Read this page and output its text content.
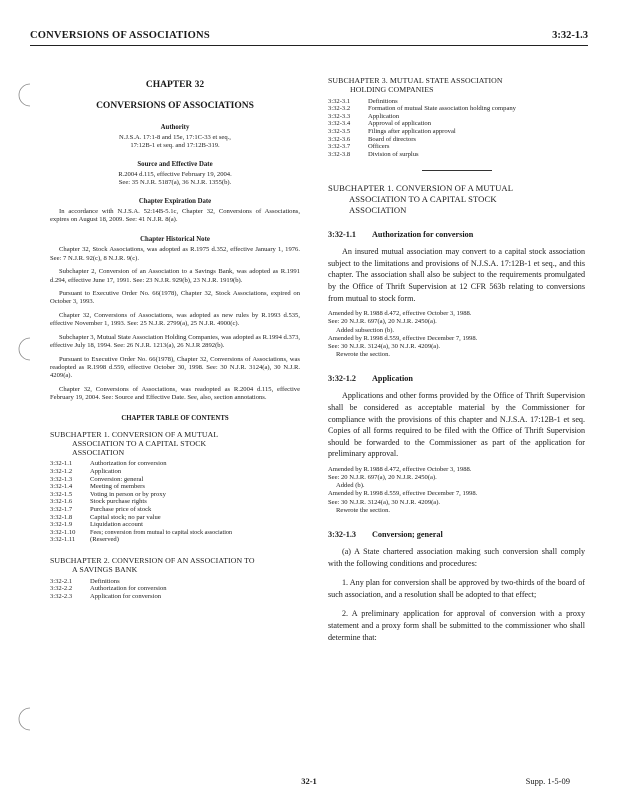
CONVERSIONS OF ASSOCIATIONS	3:32-1.3
CHAPTER 32
CONVERSIONS OF ASSOCIATIONS
Authority
N.J.S.A. 17:1-8 and 15e, 17:1C-33 et seq.,
17:12B-1 et seq. and 17:12B-319.
Source and Effective Date
R.2004 d.115, effective February 19, 2004.
See: 35 N.J.R. 5187(a), 36 N.J.R. 1355(b).
Chapter Expiration Date
In accordance with N.J.S.A. 52:14B-5.1c, Chapter 32, Conversions of Associations, expires on August 18, 2009. See: 41 N.J.R. 8(a).
Chapter Historical Note
Chapter 32, Stock Associations, was adopted as R.1975 d.352, effective January 1, 1976. See: 7 N.J.R. 92(c), 8 N.J.R. 9(c).
Subchapter 2, Conversion of an Association to a Savings Bank, was adopted as R.1991 d.294, effective June 17, 1991. See: 23 N.J.R. 929(b), 23 N.J.R. 1919(b).
Pursuant to Executive Order No. 66(1978), Chapter 32, Stock Associations, expired on October 3, 1993.
Chapter 32, Conversions of Associations, was adopted as new rules by R.1993 d.535, effective November 1, 1993. See: 25 N.J.R. 2799(a), 25 N.J.R. 4900(c).
Subchapter 3, Mutual State Association Holding Companies, was adopted as R.1994 d.373, effective July 18, 1994. See: 26 N.J.R. 1213(a), 26 N.J.R 2892(b).
Pursuant to Executive Order No. 66(1978), Chapter 32, Conversions of Associations, was readopted as R.1998 d.559, effective October 30, 1998. See: 30 N.J.R. 3124(a), 30 N.J.R. 4209(a).
Chapter 32, Conversions of Associations, was readopted as R.2004 d.115, effective February 19, 2004. See: Source and Effective Date. See, also, section annotations.
CHAPTER TABLE OF CONTENTS
SUBCHAPTER 1. CONVERSION OF A MUTUAL
ASSOCIATION TO A CAPITAL STOCK
ASSOCIATION
3:32-1.1	Authorization for conversion
3:32-1.2	Application
3:32-1.3	Conversion: general
3:32-1.4	Meeting of members
3:32-1.5	Voting in person or by proxy
3:32-1.6	Stock purchase rights
3:32-1.7	Purchase price of stock
3:32-1.8	Capital stock; no par value
3:32-1.9	Liquidation account
3:32-1.10	Fees; conversion from mutual to capital stock association
3:32-1.11	(Reserved)
SUBCHAPTER 2. CONVERSION OF AN ASSOCIATION TO
A SAVINGS BANK
3:32-2.1	Definitions
3:32-2.2	Authorization for conversion
3:32-2.3	Application for conversion
SUBCHAPTER 3. MUTUAL STATE ASSOCIATION
HOLDING COMPANIES
3:32-3.1	Definitions
3:32-3.2	Formation of mutual State association holding company
3:32-3.3	Application
3:32-3.4	Approval of application
3:32-3.5	Filings after application approval
3:32-3.6	Board of directors
3:32-3.7	Officers
3:32-3.8	Division of surplus
SUBCHAPTER 1. CONVERSION OF A MUTUAL
ASSOCIATION TO A CAPITAL STOCK
ASSOCIATION
3:32-1.1 Authorization for conversion
An insured mutual association may convert to a capital stock association subject to the limitations and provisions of N.J.S.A. 17:12B-1 et seq., and this chapter. The association shall also be subject to the requirements promulgated by the Office of Thrift Supervision at 12 CFR 563b relating to conversions from mutual to stock form.
Amended by R.1988 d.472, effective October 3, 1988.
See: 20 N.J.R. 697(a), 20 N.J.R. 2450(a).
Added subsection (b).
Amended by R.1998 d.559, effective December 7, 1998.
See: 30 N.J.R. 3124(a), 30 N.J.R. 4209(a).
Rewrote the section.
3:32-1.2 Application
Applications and other forms provided by the Office of Thrift Supervision shall be considered as acceptable material by the Commissioner for compliance with the provisions of this chapter and N.J.S.A. 17:12B-1 et seq. Copies of all forms required to be filed with the Office of Thrift Supervision should be forwarded to the Commissioner as part of the application for preliminary approval.
Amended by R.1988 d.472, effective October 3, 1988.
See: 20 N.J.R. 697(a), 20 N.J.R. 2450(a).
Added (b).
Amended by R.1998 d.559, effective December 7, 1998.
See: 30 N.J.R. 3124(a), 30 N.J.R. 4209(a).
Rewrote the section.
3:32-1.3 Conversion; general
(a) A State chartered association making such conversion shall comply with the following conditions and procedures:
1. Any plan for conversion shall be approved by two-thirds of the board of such association, and a resolution shall be adopted to that effect;
2. A preliminary application for approval of conversion with a proxy statement and a proxy form shall be submitted to the commissioner who shall determine that:
32-1	Supp. 1-5-09
